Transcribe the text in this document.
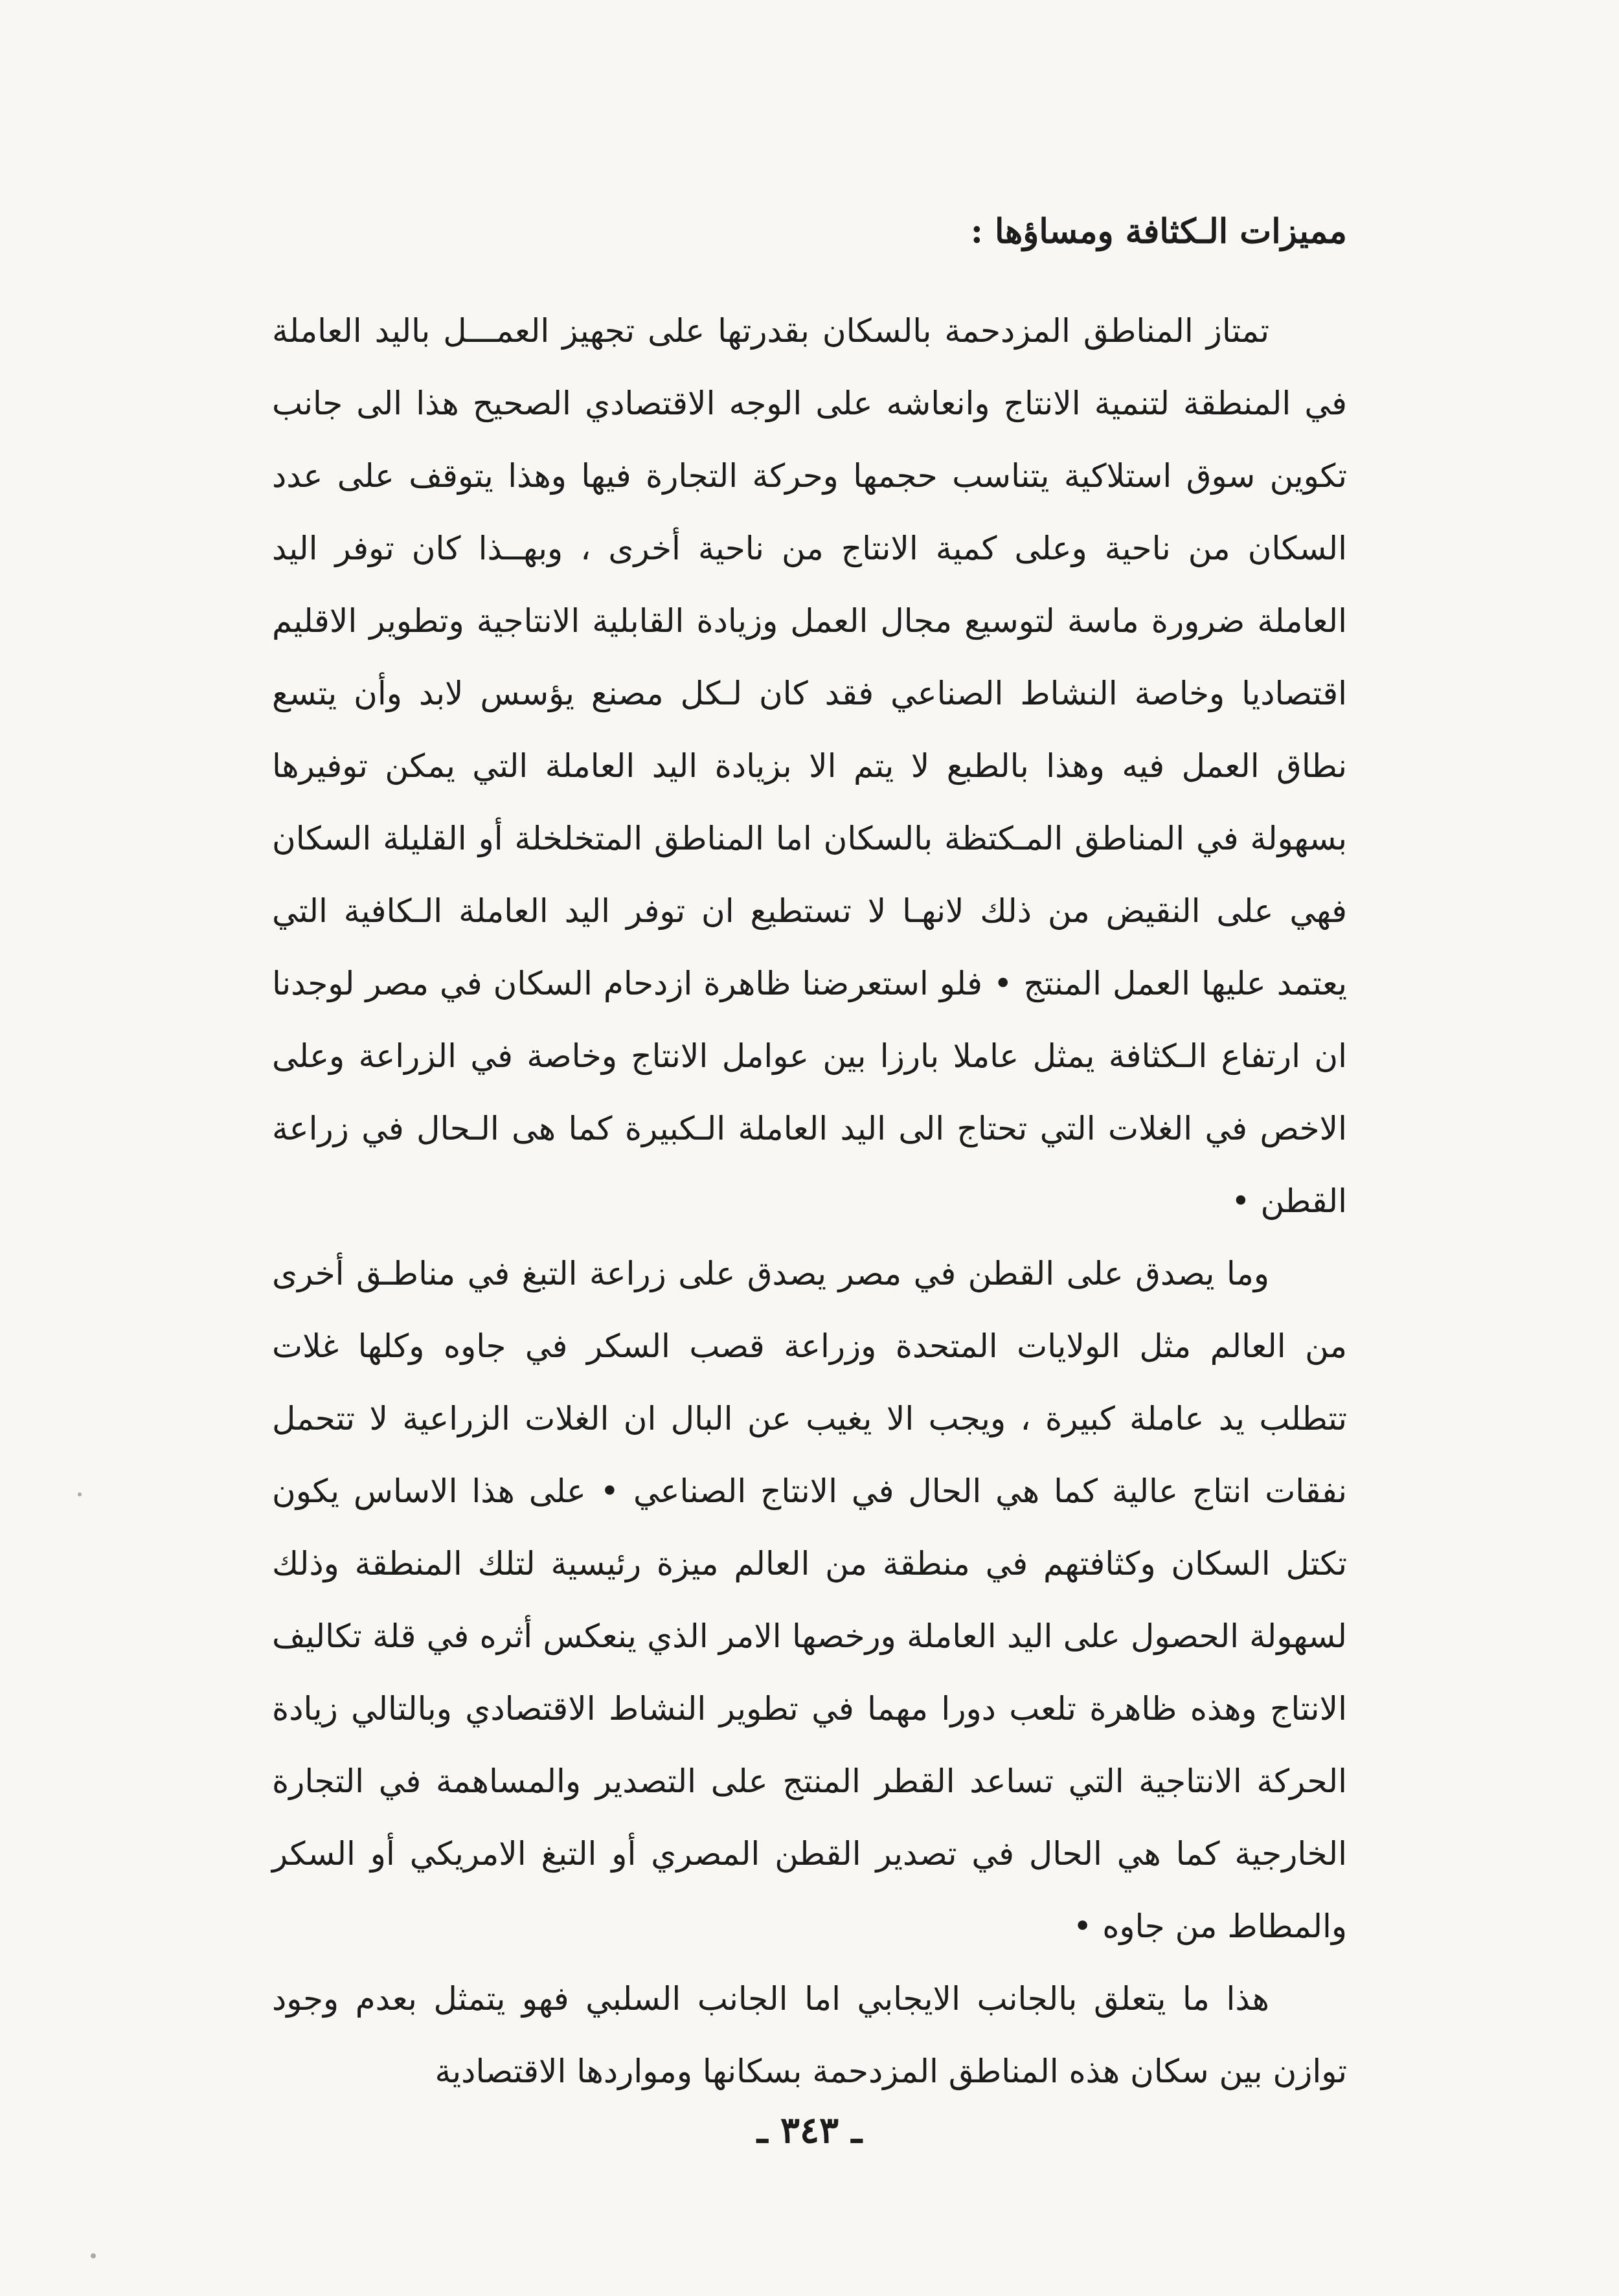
مميزات الـكثافة ومساؤها :

تمتاز المناطق المزدحمة بالسكان بقدرتها على تجهيز العمـــل باليد العاملة في المنطقة لتنمية الانتاج وانعاشه على الوجه الاقتصادي الصحيح هذا الى جانب تكوين سوق استلاكية يتناسب حجمها وحركة التجارة فيها وهذا يتوقف على عدد السكان من ناحية وعلى كمية الانتاج من ناحية أخرى ، وبهــذا كان توفر اليد العاملة ضرورة ماسة لتوسيع مجال العمل وزيادة القابلية الانتاجية وتطوير الاقليم اقتصاديا وخاصة النشاط الصناعي فقد كان لـكل مصنع يؤسس لابد وأن يتسع نطاق العمل فيه وهذا بالطبع لا يتم الا بزيادة اليد العاملة التي يمكن توفيرها بسهولة في المناطق المـكتظة بالسكان اما المناطق المتخلخلة أو القليلة السكان فهي على النقيض من ذلك لانهـا لا تستطيع ان توفر اليد العاملة الـكافية التي يعتمد عليها العمل المنتج • فلو استعرضنا ظاهرة ازدحام السكان في مصر لوجدنا ان ارتفاع الـكثافة يمثل عاملا بارزا بين عوامل الانتاج وخاصة في الزراعة وعلى الاخص في الغلات التي تحتاج الى اليد العاملة الـكبيرة كما هى الـحال في زراعة القطن •

وما يصدق على القطن في مصر يصدق على زراعة التبغ في مناطـق أخرى من العالم مثل الولايات المتحدة وزراعة قصب السكر في جاوه وكلها غلات تتطلب يد عاملة كبيرة ، ويجب الا يغيب عن البال ان الغلات الزراعية لا تتحمل نفقات انتاج عالية كما هي الحال في الانتاج الصناعي • على هذا الاساس يكون تكتل السكان وكثافتهم في منطقة من العالم ميزة رئيسية لتلك المنطقة وذلك لسهولة الحصول على اليد العاملة ورخصها الامر الذي ينعكس أثره في قلة تكاليف الانتاج وهذه ظاهرة تلعب دورا مهما في تطوير النشاط الاقتصادي وبالتالي زيادة الحركة الانتاجية التي تساعد القطر المنتج على التصدير والمساهمة في التجارة الخارجية كما هي الحال في تصدير القطن المصري أو التبغ الامريكي أو السكر والمطاط من جاوه •

هذا ما يتعلق بالجانب الايجابي اما الجانب السلبي فهو يتمثل بعدم وجود توازن بين سكان هذه المناطق المزدحمة بسكانها ومواردها الاقتصادية

ـ ٣٤٣ ـ
